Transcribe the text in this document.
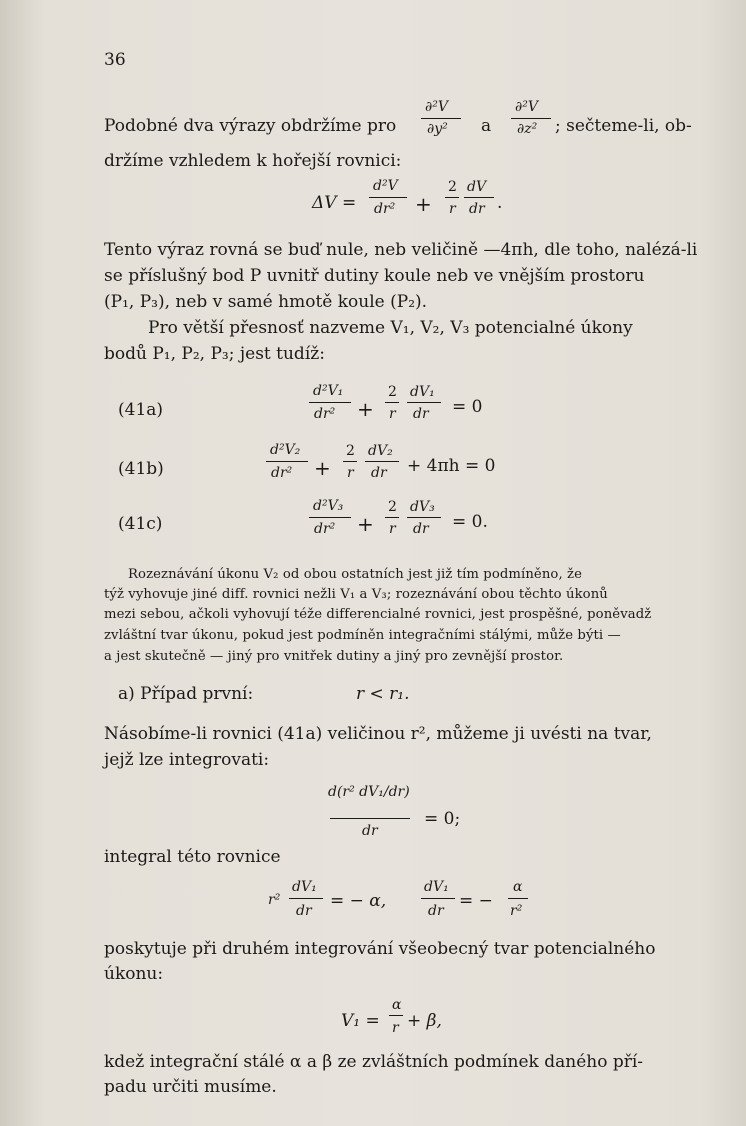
36
Podobné dva výrazy obdržíme pro
∂²V
∂y² a
∂²V
∂z² ; sečteme-li, ob-
držíme vzhledem k hořejší rovnici:
ΔV =
d²V
dr² +
2
r
dV
dr .
Tento výraz rovná se buď nule, neb veličině —4πh, dle toho, nalézá-li
se příslušný bod P uvnitř dutiny koule neb ve vnějším prostoru
(P₁, P₃), neb v samé hmotě koule (P₂).
Pro větší přesnosť nazveme V₁, V₂, V₃ potencialné úkony
bodů P₁, P₂, P₃; jest tudíž:
(41a)
d²V₁
dr² +
2
r
dV₁
dr = 0
(41b)
d²V₂
dr² +
2
r
dV₂
dr + 4πh = 0
(41c)
d²V₃
dr² +
2
r
dV₃
dr = 0.
Rozeznávání úkonu V₂ od obou ostatních jest již tím podmíněno, že
týž vyhovuje jiné diff. rovnici nežli V₁ a V₃; rozeznávání obou těchto úkonů
mezi sebou, ačkoli vyhovují téže differencialné rovnici, jest prospěšné, poněvadž
zvláštní tvar úkonu, pokud jest podmíněn integračními stálými, může býti —
a jest skutečně — jiný pro vnitřek dutiny a jiný pro zevnější prostor.
a) Případ první:	r < r₁.
Násobíme-li rovnici (41a) veličinou r², můžeme ji uvésti na tvar,
jejž lze integrovati:
d(r² dV₁/dr)
dr
= 0;
integral této rovnice
r²
dV₁
dr = − α,
dV₁
dr = −
α
r²
poskytuje při druhém integrování všeobecný tvar potencialného
úkonu:
V₁ =
α
r + β,
kdež integrační stálé α a β ze zvláštních podmínek daného pří-
padu určiti musíme.
